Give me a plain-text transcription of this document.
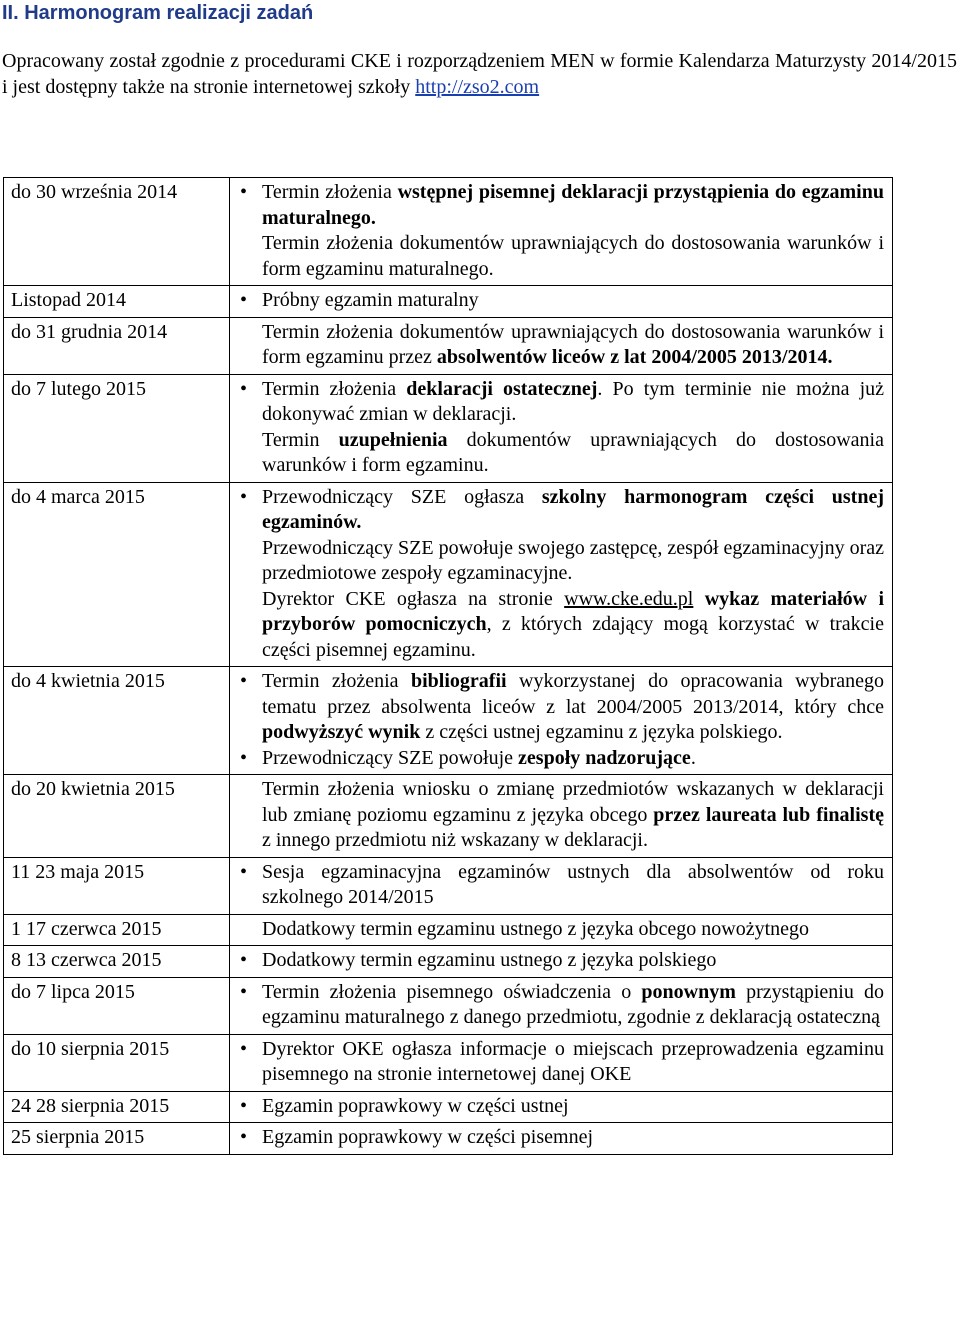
II. Harmonogram realizacji zadań
Opracowany został zgodnie z procedurami CKE i rozporządzeniem MEN w formie Kalendarza Maturzysty 2014/2015 i jest dostępny także na stronie internetowej szkoły http://zso2.com
do 30 września 2014	• Termin złożenia wstępnej pisemnej deklaracji przystąpienia do egzaminu maturalnego.
Termin złożenia dokumentów uprawniających do dostosowania warunków i form egzaminu maturalnego.

Listopad 2014	• Próbny egzamin maturalny

do 31 grudnia 2014	Termin złożenia dokumentów uprawniających do dostosowania warunków i form egzaminu przez absolwentów liceów z lat 2004/2005 2013/2014.

do 7 lutego 2015	• Termin złożenia deklaracji ostatecznej. Po tym terminie nie można już dokonywać zmian w deklaracji.
Termin uzupełnienia dokumentów uprawniających do dostosowania warunków i form egzaminu.

do 4 marca 2015	• Przewodniczący SZE ogłasza szkolny harmonogram części ustnej egzaminów.
Przewodniczący SZE powołuje swojego zastępcę, zespół egzaminacyjny oraz przedmiotowe zespoły egzaminacyjne.
Dyrektor CKE ogłasza na stronie www.cke.edu.pl wykaz materiałów i przyborów pomocniczych, z których zdający mogą korzystać w trakcie części pisemnej egzaminu.

do 4 kwietnia 2015	• Termin złożenia bibliografii wykorzystanej do opracowania wybranego tematu przez absolwenta liceów z lat 2004/2005 2013/2014, który chce podwyższyć wynik z części ustnej egzaminu z języka polskiego.
• Przewodniczący SZE powołuje zespoły nadzorujące.

do 20 kwietnia 2015	Termin złożenia wniosku o zmianę przedmiotów wskazanych w deklaracji lub zmianę poziomu egzaminu z języka obcego przez laureata lub finalistę z innego przedmiotu niż wskazany w deklaracji.

11 23 maja 2015	• Sesja egzaminacyjna egzaminów ustnych dla absolwentów od roku szkolnego 2014/2015

1 17 czerwca 2015	Dodatkowy termin egzaminu ustnego z języka obcego nowożytnego

8 13 czerwca 2015	• Dodatkowy termin egzaminu ustnego z języka polskiego

do 7 lipca 2015	• Termin złożenia pisemnego oświadczenia o ponownym przystąpieniu do egzaminu maturalnego z danego przedmiotu, zgodnie z deklaracją ostateczną

do 10 sierpnia 2015	• Dyrektor OKE ogłasza informacje o miejscach przeprowadzenia egzaminu pisemnego na stronie internetowej danej OKE

24 28 sierpnia 2015	• Egzamin poprawkowy w części ustnej

25 sierpnia 2015	• Egzamin poprawkowy w części pisemnej
